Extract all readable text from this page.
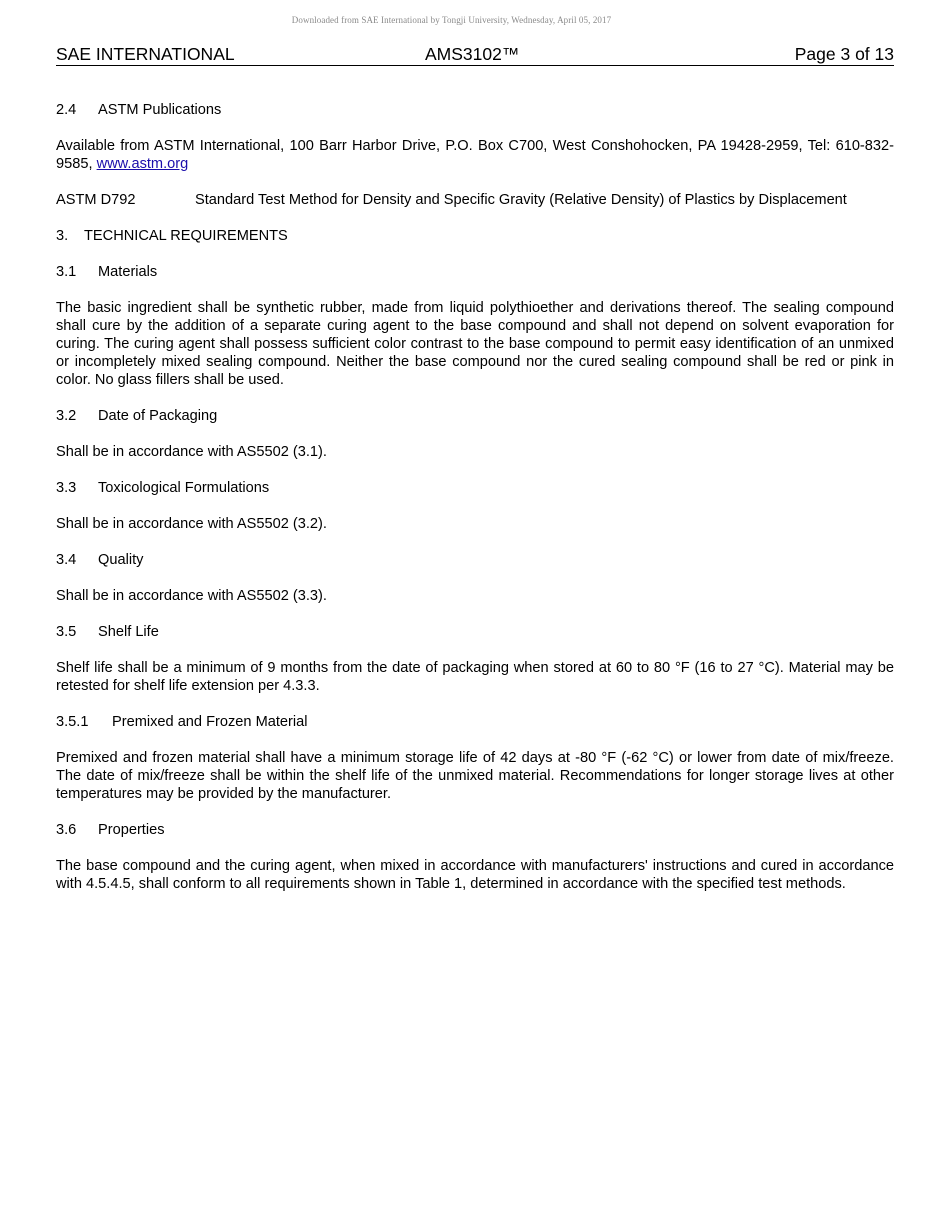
Downloaded from SAE International by Tongji University, Wednesday, April 05, 2017
SAE INTERNATIONAL	AMS3102™	Page 3 of 13
2.4 ASTM Publications

Available from ASTM International, 100 Barr Harbor Drive, P.O. Box C700, West Conshohocken, PA 19428-2959, Tel: 610-832-9585, www.astm.org

ASTM D792	Standard Test Method for Density and Specific Gravity (Relative Density) of Plastics by Displacement
3. TECHNICAL REQUIREMENTS
3.1 Materials

The basic ingredient shall be synthetic rubber, made from liquid polythioether and derivations thereof. The sealing compound shall cure by the addition of a separate curing agent to the base compound and shall not depend on solvent evaporation for curing. The curing agent shall possess sufficient color contrast to the base compound to permit easy identification of an unmixed or incompletely mixed sealing compound. Neither the base compound nor the cured sealing compound shall be red or pink in color. No glass fillers shall be used.

3.2 Date of Packaging

Shall be in accordance with AS5502 (3.1).

3.3 Toxicological Formulations

Shall be in accordance with AS5502 (3.2).

3.4 Quality

Shall be in accordance with AS5502 (3.3).

3.5 Shelf Life

Shelf life shall be a minimum of 9 months from the date of packaging when stored at 60 to 80 °F (16 to 27 °C). Material may be retested for shelf life extension per 4.3.3.

3.5.1 Premixed and Frozen Material

Premixed and frozen material shall have a minimum storage life of 42 days at -80 °F (-62 °C) or lower from date of mix/freeze. The date of mix/freeze shall be within the shelf life of the unmixed material. Recommendations for longer storage lives at other temperatures may be provided by the manufacturer.

3.6 Properties

The base compound and the curing agent, when mixed in accordance with manufacturers' instructions and cured in accordance with 4.5.4.5, shall conform to all requirements shown in Table 1, determined in accordance with the specified test methods.
